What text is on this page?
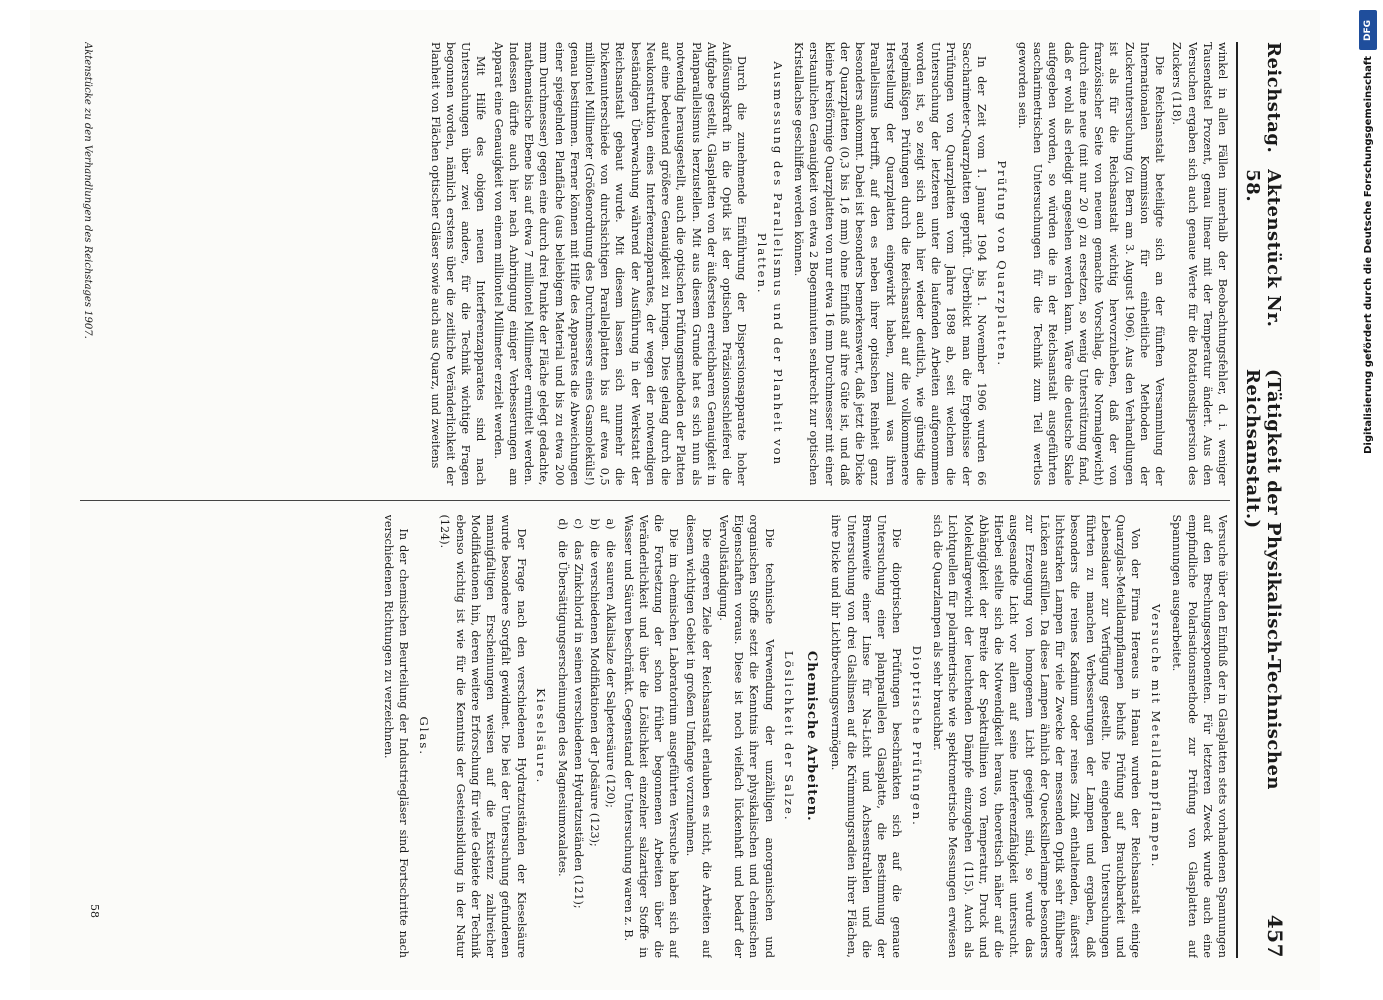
Reichstag.
Aktenstück Nr. 58.
(Tätigkeit der Physikalisch-Technischen Reichsanstalt.)
457

winkel in allen Fällen innerhalb der Beobachtungsfehler, d. i. weniger Tausendstel Prozent, genau linear mit der Temperatur ändert. Aus den Versuchen ergaben sich auch genaue Werte für die Rotationsdispersion des Zuckers (118).

Die Reichsanstalt beteiligte sich an der fünften Versammlung der Internationalen Kommission für einheitliche Methoden der Zuckeruntersuchung (zu Bern am 3. August 1906). Aus den Verhandlungen ist als für die Reichsanstalt wichtig hervorzuheben, daß der von französischer Seite von neuem gemachte Vorschlag, die Normalgewicht) durch eine neue (mit nur 20 g) zu ersetzen, so wenig Unterstützung fand, daß er wohl als erledigt angesehen werden kann. Wäre die deutsche Skale aufgegeben worden, so würden die in der Reichsanstalt ausgeführten saccharimetrischen Untersuchungen für die Technik zum Teil wertlos geworden sein.

Prüfung von Quarzplatten.

In der Zeit vom 1. Januar 1904 bis 1. November 1906 wurden 66 Saccharimeter-Quarzplatten geprüft. Überblickt man die Ergebnisse der Prüfungen von Quarzplatten vom Jahre 1898 ab, seit welchem die Untersuchung der letzteren unter die laufenden Arbeiten aufgenommen worden ist, so zeigt sich auch hier wieder deutlich, wie günstig die regelmäßigen Prüfungen durch die Reichsanstalt auf die vollkommenere Herstellung der Quarzplatten eingewirkt haben, zumal was ihren Parallelismus betrifft, auf den es neben ihrer optischen Reinheit ganz besonders ankommt. Dabei ist besonders bemerkenswert, daß jetzt die Dicke der Quarzplatten (0,3 bis 1,6 mm) ohne Einfluß auf ihre Güte ist, und daß kleine kreisförmige Quarzplatten von nur etwa 16 mm Durchmesser mit einer erstaunlichen Genauigkeit von etwa 2 Bogenminuten senkrecht zur optischen Kristallachse geschliffen werden können.

Ausmessung des Parallelismus und der Planheit von Platten.

Durch die zunehmende Einführung der Dispersionsapparate hoher Auflösungskraft in die Optik ist der optischen Präzisionsschleiferei die Aufgabe gestellt, Glasplatten von der äußersten erreichbaren Genauigkeit in Planparallelismus herzustellen. Mit aus diesem Grunde hat es sich nun als notwendig herausgestellt, auch die optischen Prüfungsmethoden der Platten auf eine bedeutend größere Genauigkeit zu bringen. Dies gelang durch die Neukonstruktion eines Interferenzapparates, der wegen der notwendigen beständigen Überwachung während der Ausführung in der Werkstatt der Reichsanstalt gebaut wurde. Mit diesem lassen sich nunmehr die Dickenunterschiede von durchsichtigen Parallelplatten bis auf etwa 0,5 milliontel Millimeter (Größenordnung des Durchmessers eines Gasmoleküls!) genau bestimmen. Ferner können mit Hilfe des Apparates die Abweichungen einer spiegelnden Planfläche (aus beliebigem Material und bis zu etwa 200 mm Durchmesser) gegen eine durch drei Punkte der Fläche gelegt gedachte, mathematische Ebene bis auf etwa 7 milliontel Millimeter ermittelt werden. Indessen dürfte auch hier nach Anbringung einiger Verbesserungen am Apparat eine Genauigkeit von einem milliontel Millimeter erzielt werden.

Mit Hilfe des obigen neuen Interferenzapparates sind nach Untersuchungen über zwei andere, für die Technik wichtige Fragen begonnen worden, nämlich erstens über die zeitliche Veränderlichkeit der Planheit von Flächen optischer Gläser sowie auch aus Quarz, und zweitens

Aktenstücke zu den Verhandlungen des Reichstages 1907.

Versuche über den Einfluß der in Glasplatten stets vorhandenen Spannungen auf den Brechungsexponenten. Für letzteren Zweck wurde auch eine empfindliche Polarisationsmethode zur Prüfung von Glasplatten auf Spannungen ausgearbeitet.

Versuche mit Metalldampflampen.

Von der Firma Heraeus in Hanau wurden der Reichsanstalt einige Quarzglas-Metalldampflampen behufs Prüfung auf Brauchbarkeit und Lebensdauer zur Verfügung gestellt. Die eingehenden Untersuchungen führten zu manchen Verbesserungen der Lampen und ergaben, daß besonders die reines Kadmium oder reines Zink enthaltenden, äußerst lichtstarken Lampen für viele Zwecke der messenden Optik sehr fühlbare Lücken ausfüllen. Da diese Lampen ähnlich der Quecksilberlampe besonders zur Erzeugung von homogenem Licht geeignet sind, so wurde das ausgesandte Licht vor allem auf seine Interferenzfähigkeit untersucht. Hierbei stellte sich die Notwendigkeit heraus, theoretisch näher auf die Abhängigkeit der Breite der Spektrallinien von Temperatur, Druck und Molekulargewicht der leuchtenden Dämpfe einzugehen (115). Auch als Lichtquellen für polarimetrische wie spektrometrische Messungen erwiesen sich die Quarzlampen als sehr brauchbar.

Dioptrische Prüfungen.

Die dioptrischen Prüfungen beschränkten sich auf die genaue Untersuchung einer planparallelen Glasplatte, die Bestimmung der Brennweite einer Linse für Na-Licht und Achsenstrahlen und die Untersuchung von drei Glaslinsen auf die Krümmungsradien ihrer Flächen, ihre Dicke und ihr Lichtbrechungsvermögen.

Chemische Arbeiten.
Löslichkeit der Salze.

Die technische Verwendung der unzähligen anorganischen und organischen Stoffe setzt die Kenntnis ihrer physikalischen und chemischen Eigenschaften voraus. Diese ist noch vielfach lückenhaft und bedarf der Vervollständigung.

Die engeren Ziele der Reichsanstalt erlauben es nicht, die Arbeiten auf diesem wichtigen Gebiet in großem Umfange vorzunehmen.

Die im chemischen Laboratorium ausgeführten Versuche haben sich auf die Fortsetzung der schon früher begonnenen Arbeiten über die Veränderlichkeit und über die Löslichkeit einzelner salzartiger Stoffe in Wasser und Säuren beschränkt. Gegenstand der Untersuchung waren z. B.

a)
die sauren Alkalisalze der Salpetersäure (120);
b)
die verschiedenen Modifikationen der Jodsäure (123);
c)
das Zinkchlorid in seinen verschiedenen Hydratzuständen (121);
d)
die Übersättigungserscheinungen des Magnesiumoxalates.
Kieselsäure.

Der Frage nach den verschiedenen Hydratzuständen der Kieselsäure wurde besondere Sorgfalt gewidmet. Die bei der Untersuchung gefundenen mannigfaltigen Erscheinungen weisen auf die Existenz zahlreicher Modifikationen hin, deren weitere Erforschung für viele Gebiete der Technik ebenso wichtig ist wie für die Kenntnis der Gesteinsbildung in der Natur (124).

Glas.

In der chemischen Beurteilung der Industriegläser sind Fortschritte nach verschiedenen Richtungen zu verzeichnen.

58
DFG
Digitalisierung gefördert durch die Deutsche Forschungsgemeinschaft
